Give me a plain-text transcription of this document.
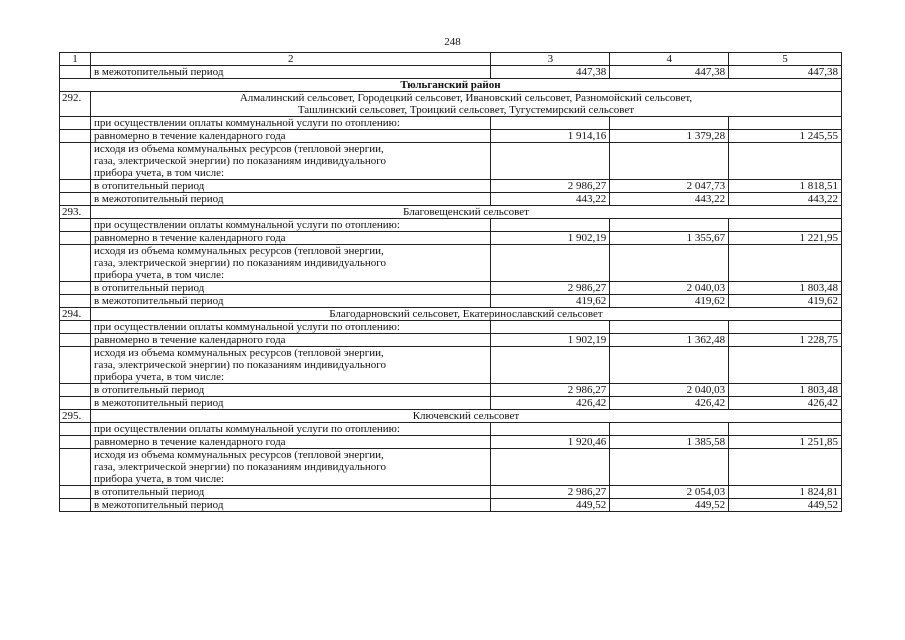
248
1	2	3	4	5
	в межотопительный период	447,38	447,38	447,38
Тюльганский район				
292.	Алмалинский сельсовет, Городецкий сельсовет, Ивановский сельсовет, Разномойский сельсовет,
Ташлинский сельсовет, Троицкий сельсовет, Тугустемирский сельсовет			

	при осуществлении оплаты коммунальной услуги по отоплению:			
	равномерно в течение календарного года	1 914,16	1 379,28	1 245,55

	исходя из объема коммунальных ресурсов (тепловой энергии,
газа, электрической энергии) по показаниям индивидуального
прибора учета, в том числе:			

	в отопительный период	2 986,27	2 047,73	1 818,51
	в межотопительный период	443,22	443,22	443,22
293.	Благовещенский сельсовет			

	при осуществлении оплаты коммунальной услуги по отоплению:			
	равномерно в течение календарного года	1 902,19	1 355,67	1 221,95

	исходя из объема коммунальных ресурсов (тепловой энергии,
газа, электрической энергии) по показаниям индивидуального
прибора учета, в том числе:			

	в отопительный период	2 986,27	2 040,03	1 803,48
	в межотопительный период	419,62	419,62	419,62
294.	Благодарновский сельсовет, Екатеринославский сельсовет			

	при осуществлении оплаты коммунальной услуги по отоплению:			
	равномерно в течение календарного года	1 902,19	1 362,48	1 228,75

	исходя из объема коммунальных ресурсов (тепловой энергии,
газа, электрической энергии) по показаниям индивидуального
прибора учета, в том числе:			

	в отопительный период	2 986,27	2 040,03	1 803,48
	в межотопительный период	426,42	426,42	426,42
295.	Ключевский сельсовет			

	при осуществлении оплаты коммунальной услуги по отоплению:			
	равномерно в течение календарного года	1 920,46	1 385,58	1 251,85

	исходя из объема коммунальных ресурсов (тепловой энергии,
газа, электрической энергии) по показаниям индивидуального
прибора учета, в том числе:			

	в отопительный период	2 986,27	2 054,03	1 824,81
	в межотопительный период	449,52	449,52	449,52
